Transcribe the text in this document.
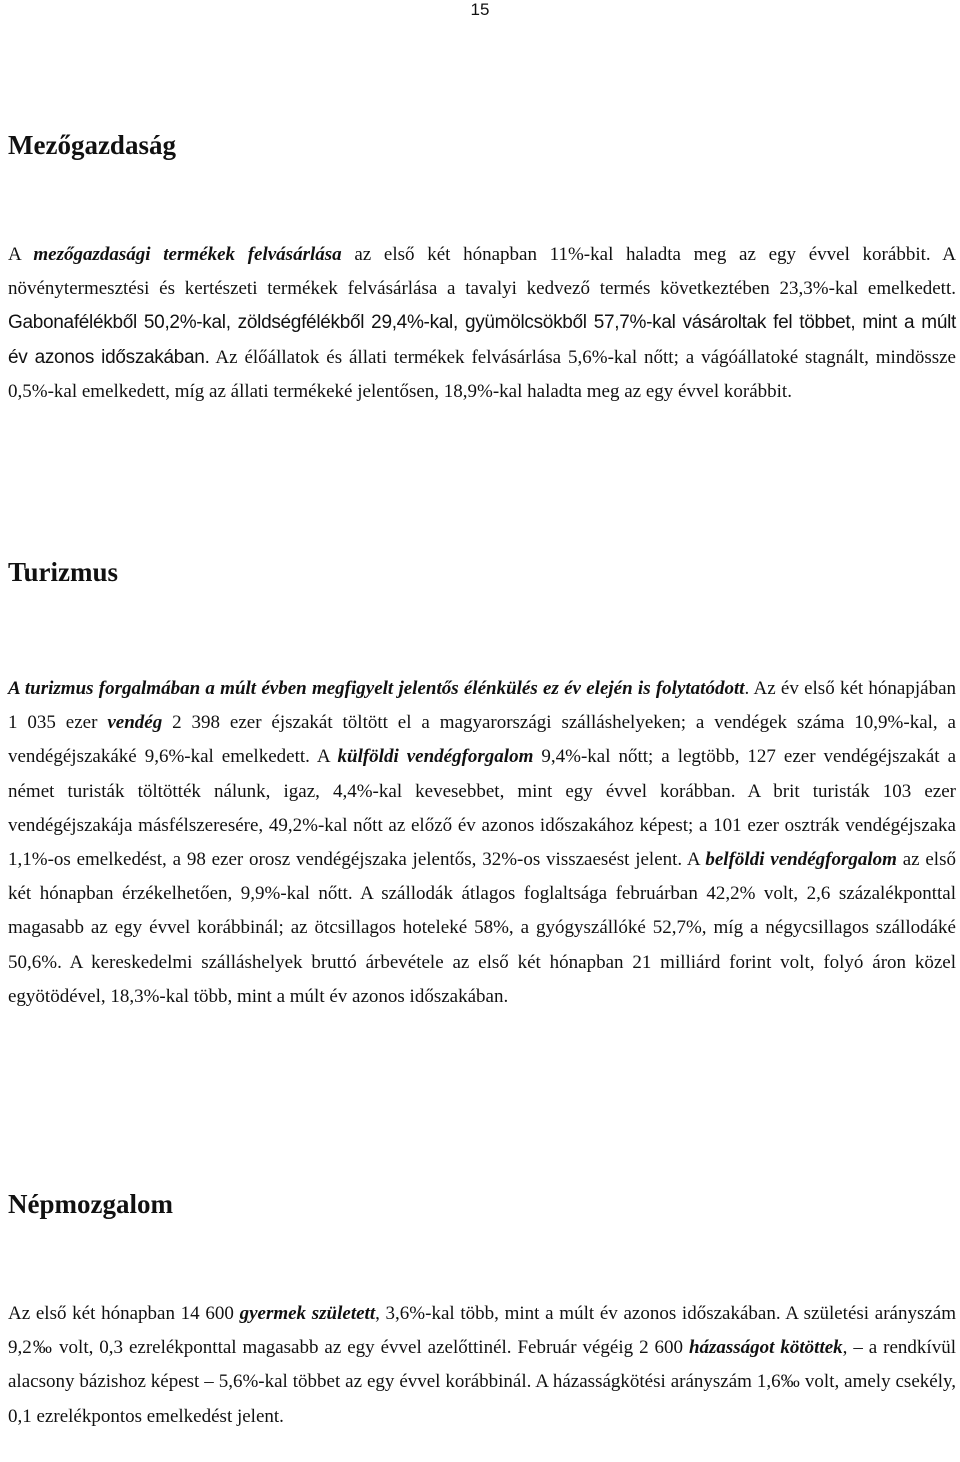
15
Mezőgazdaság

A mezőgazdasági termékek felvásárlása az első két hónapban 11%-kal haladta meg az egy évvel korábbit. A növénytermesztési és kertészeti termékek felvásárlása a tavalyi kedvező termés következtében 23,3%-kal emelkedett. Gabonafélékből 50,2%-kal, zöldségfélékből 29,4%-kal, gyümölcsökből 57,7%-kal vásároltak fel többet, mint a múlt év azonos időszakában. Az élőállatok és állati termékek felvásárlása 5,6%-kal nőtt; a vágóállatoké stagnált, mindössze 0,5%-kal emelkedett, míg az állati termékeké jelentősen, 18,9%-kal haladta meg az egy évvel korábbit.

Turizmus

A turizmus forgalmában a múlt évben megfigyelt jelentős élénkülés ez év elején is folytatódott. Az év első két hónapjában 1 035 ezer vendég 2 398 ezer éjszakát töltött el a magyarországi szálláshelyeken; a vendégek száma 10,9%-kal, a vendégéjszakáké 9,6%-kal emelkedett. A külföldi vendégforgalom 9,4%-kal nőtt; a legtöbb, 127 ezer vendégéjszakát a német turisták töltötték nálunk, igaz, 4,4%-kal kevesebbet, mint egy évvel korábban. A brit turisták 103 ezer vendégéjszakája másfélszeresére, 49,2%-kal nőtt az előző év azonos időszakához képest; a 101 ezer osztrák vendégéjszaka 1,1%-os emelkedést, a 98 ezer orosz vendégéjszaka jelentős, 32%-os visszaesést jelent. A belföldi vendégforgalom az első két hónapban érzékelhetően, 9,9%-kal nőtt. A szállodák átlagos foglaltsága februárban 42,2% volt, 2,6 százalékponttal magasabb az egy évvel korábbinál; az ötcsillagos hoteleké 58%, a gyógyszállóké 52,7%, míg a négycsillagos szállodáké 50,6%. A kereskedelmi szálláshelyek bruttó árbevétele az első két hónapban 21 milliárd forint volt, folyó áron közel egyötödével, 18,3%-kal több, mint a múlt év azonos időszakában.

Népmozgalom

Az első két hónapban 14 600 gyermek született, 3,6%-kal több, mint a múlt év azonos időszakában. A születési arányszám 9,2‰ volt, 0,3 ezrelékponttal magasabb az egy évvel azelőttinél. Február végéig 2 600 házasságot kötöttek, – a rendkívül alacsony bázishoz képest – 5,6%-kal többet az egy évvel korábbinál. A házasságkötési arányszám 1,6‰ volt, amely csekély, 0,1 ezrelékpontos emelkedést jelent.
